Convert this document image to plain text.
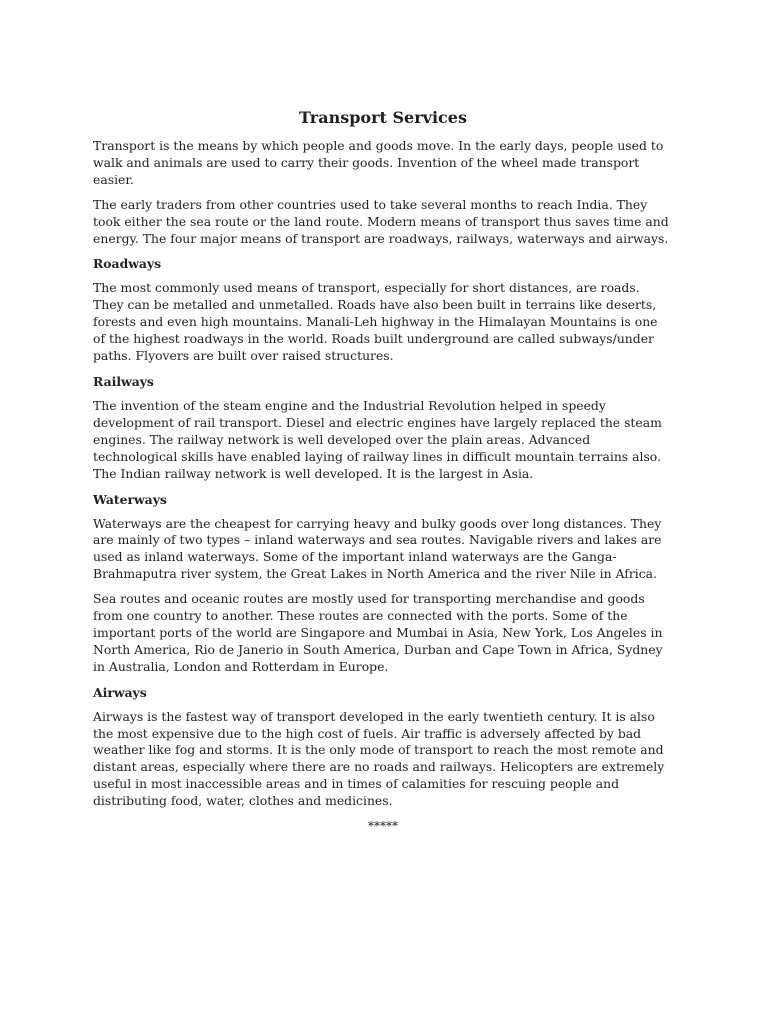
Transport Services

Transport is the means by which people and goods move. In the early days, people used to walk and animals are used to carry their goods. Invention of the wheel made transport easier.

The early traders from other countries used to take several months to reach India. They took either the sea route or the land route. Modern means of transport thus saves time and energy. The four major means of transport are roadways, railways, waterways and airways.

Roadways

The most commonly used means of transport, especially for short distances, are roads. They can be metalled and unmetalled. Roads have also been built in terrains like deserts, forests and even high mountains. Manali-Leh highway in the Himalayan Mountains is one of the highest roadways in the world. Roads built underground are called subways/under paths. Flyovers are built over raised structures.

Railways

The invention of the steam engine and the Industrial Revolution helped in speedy development of rail transport. Diesel and electric engines have largely replaced the steam engines. The railway network is well developed over the plain areas. Advanced technological skills have enabled laying of railway lines in difficult mountain terrains also. The Indian railway network is well developed. It is the largest in Asia.

Waterways

Waterways are the cheapest for carrying heavy and bulky goods over long distances. They are mainly of two types – inland waterways and sea routes. Navigable rivers and lakes are used as inland waterways. Some of the important inland waterways are the Ganga-Brahmaputra river system, the Great Lakes in North America and the river Nile in Africa.

Sea routes and oceanic routes are mostly used for transporting merchandise and goods from one country to another. These routes are connected with the ports. Some of the important ports of the world are Singapore and Mumbai in Asia, New York, Los Angeles in North America, Rio de Janerio in South America, Durban and Cape Town in Africa, Sydney in Australia, London and Rotterdam in Europe.

Airways

Airways is the fastest way of transport developed in the early twentieth century. It is also the most expensive due to the high cost of fuels. Air traffic is adversely affected by bad weather like fog and storms. It is the only mode of transport to reach the most remote and distant areas, especially where there are no roads and railways. Helicopters are extremely useful in most inaccessible areas and in times of calamities for rescuing people and distributing food, water, clothes and medicines.

*****
